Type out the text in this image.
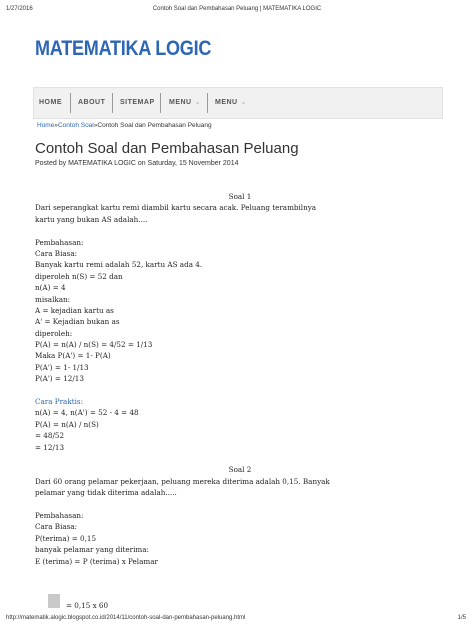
1/27/2016	Contoh Soal dan Pembahasan Peluang | MATEMATIKA LOGIC
MATEMATIKA LOGIC
HOME ABOUT SITEMAP MENU ⌄ MENU ⌄
Home»Contoh Soal»Contoh Soal dan Pembahasan Peluang
Contoh Soal dan Pembahasan Peluang
Posted by MATEMATIKA LOGIC on Saturday, 15 November 2014
Soal 1
Dari seperangkat kartu remi diambil kartu secara acak. Peluang terambilnya
kartu yang bukan AS adalah....
Pembahasan:
Cara Biasa:
Banyak kartu remi adalah 52, kartu AS ada 4.
diperoleh n(S) = 52 dan
n(A) = 4
misalkan:
A = kejadian kartu as
A' = Kejadian bukan as
diperoleh:
P(A) = n(A) / n(S) = 4/52 = 1/13
Maka P(A') = 1- P(A)
P(A') = 1- 1/13
P(A') = 12/13
Cara Praktis:
n(A) = 4, n(A') = 52 - 4 = 48
P(A) = n(A) / n(S)
= 48/52
= 12/13
Soal 2
Dari 60 orang pelamar pekerjaan, peluang mereka diterima adalah 0,15. Banyak
pelamar yang tidak diterima adalah.....
Pembahasan:
Cara Biasa:
P(terima) = 0,15
banyak pelamar yang diterima:
E (terima) = P (terima) x Pelamar
= 0,15 x 60
http://matematik.alogic.blogspot.co.id/2014/11/contoh-soal-dan-pembahasan-peluang.html	1/5
